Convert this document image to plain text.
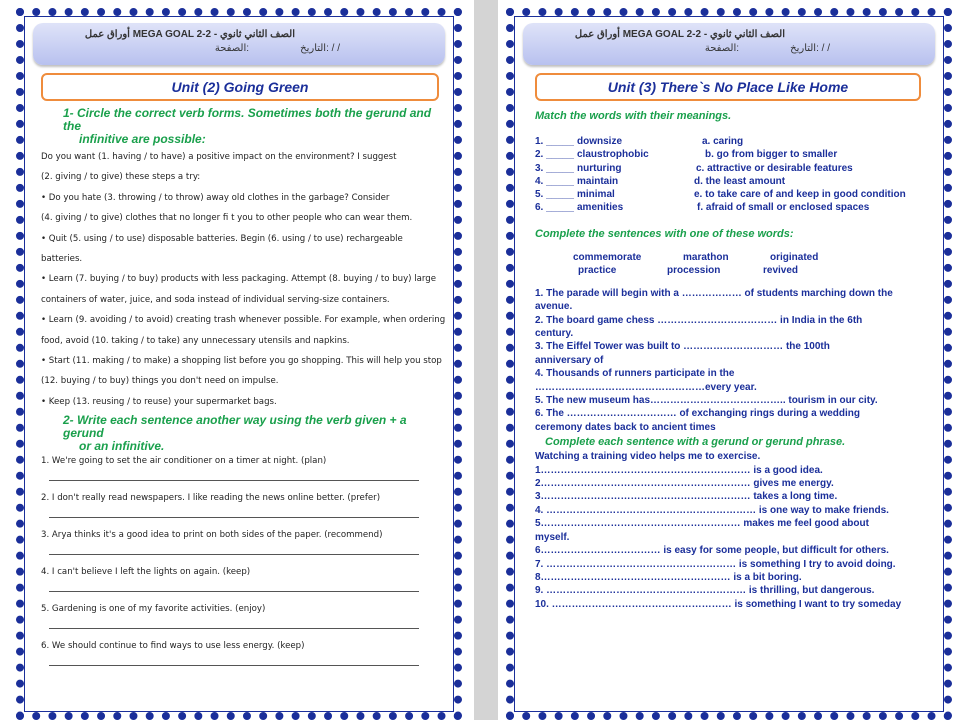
أوراق عمل MEGA GOAL 2-2 - الصف الثاني ثانوي
التاريخ: / /
الصفحة:
Unit (2) Going Green
1- Circle the correct verb forms. Sometimes both the gerund and the
infinitive are possible:
Do you want (1. having / to have) a positive impact on the environment? I suggest
(2. giving / to give) these steps a try:
• Do you hate (3. throwing / to throw) away old clothes in the garbage? Consider
(4. giving / to give) clothes that no longer fi t you to other people who can wear them.
• Quit (5. using / to use) disposable batteries. Begin (6. using / to use) rechargeable
batteries.
• Learn (7. buying / to buy) products with less packaging. Attempt (8. buying / to buy) large
containers of water, juice, and soda instead of individual serving-size containers.
• Learn (9. avoiding / to avoid) creating trash whenever possible. For example, when ordering
food, avoid (10. taking / to take) any unnecessary utensils and napkins.
• Start (11. making / to make) a shopping list before you go shopping. This will help you stop
(12. buying / to buy) things you don't need on impulse.
• Keep (13. reusing / to reuse) your supermarket bags.
2- Write each sentence another way using the verb given + a gerund
or an infinitive.
1. We're going to set the air conditioner on a timer at night. (plan)
2. I don't really read newspapers. I like reading the news online better. (prefer)
3. Arya thinks it's a good idea to print on both sides of the paper. (recommend)
4. I can't believe I left the lights on again. (keep)
5. Gardening is one of my favorite activities. (enjoy)
6. We should continue to find ways to use less energy. (keep)
أوراق عمل MEGA GOAL 2-2 - الصف الثاني ثانوي
التاريخ: / /
الصفحة:
Unit (3) There`s No Place Like Home
Match the words with their meanings.
1. _____ downsize	a. caring
2. _____ claustrophobic	b. go from bigger to smaller
3. _____ nurturing	c. attractive or desirable features
4. _____ maintain	d. the least amount
5. _____ minimal	e. to take care of and keep in good condition
6. _____ amenities	f. afraid of small or enclosed spaces
Complete the sentences with one of these words:
commemorate	marathon	originated
practice	procession	revived
1. The parade will begin with a ……………… of students marching down the
avenue.
2. The board game chess ……………………………… in India in the 6th
century.
3. The Eiffel Tower was built to ………………………… the 100th
anniversary of
4. Thousands of runners participate in the
……………………………………………every year.
5. The new museum has………………………………….. tourism in our city.
6. The …………………………… of exchanging rings during a wedding
ceremony dates back to ancient times
Complete each sentence with a gerund or gerund phrase.
Watching a training video helps me to exercise.
1……………………………………………………… is a good idea.
2……………………………………………………… gives me energy.
3……………………………………………………… takes a long time.
4. ……………………………………………………… is one way to make friends.
5…………………………………………………… makes me feel good about
myself.
6……………………………… is easy for some people, but difficult for others.
7. ………………………………………………… is something I try to avoid doing.
8………………………………………………… is a bit boring.
9. …………………………………………………… is thrilling, but dangerous.
10. ……………………………………………… is something I want to try someday
